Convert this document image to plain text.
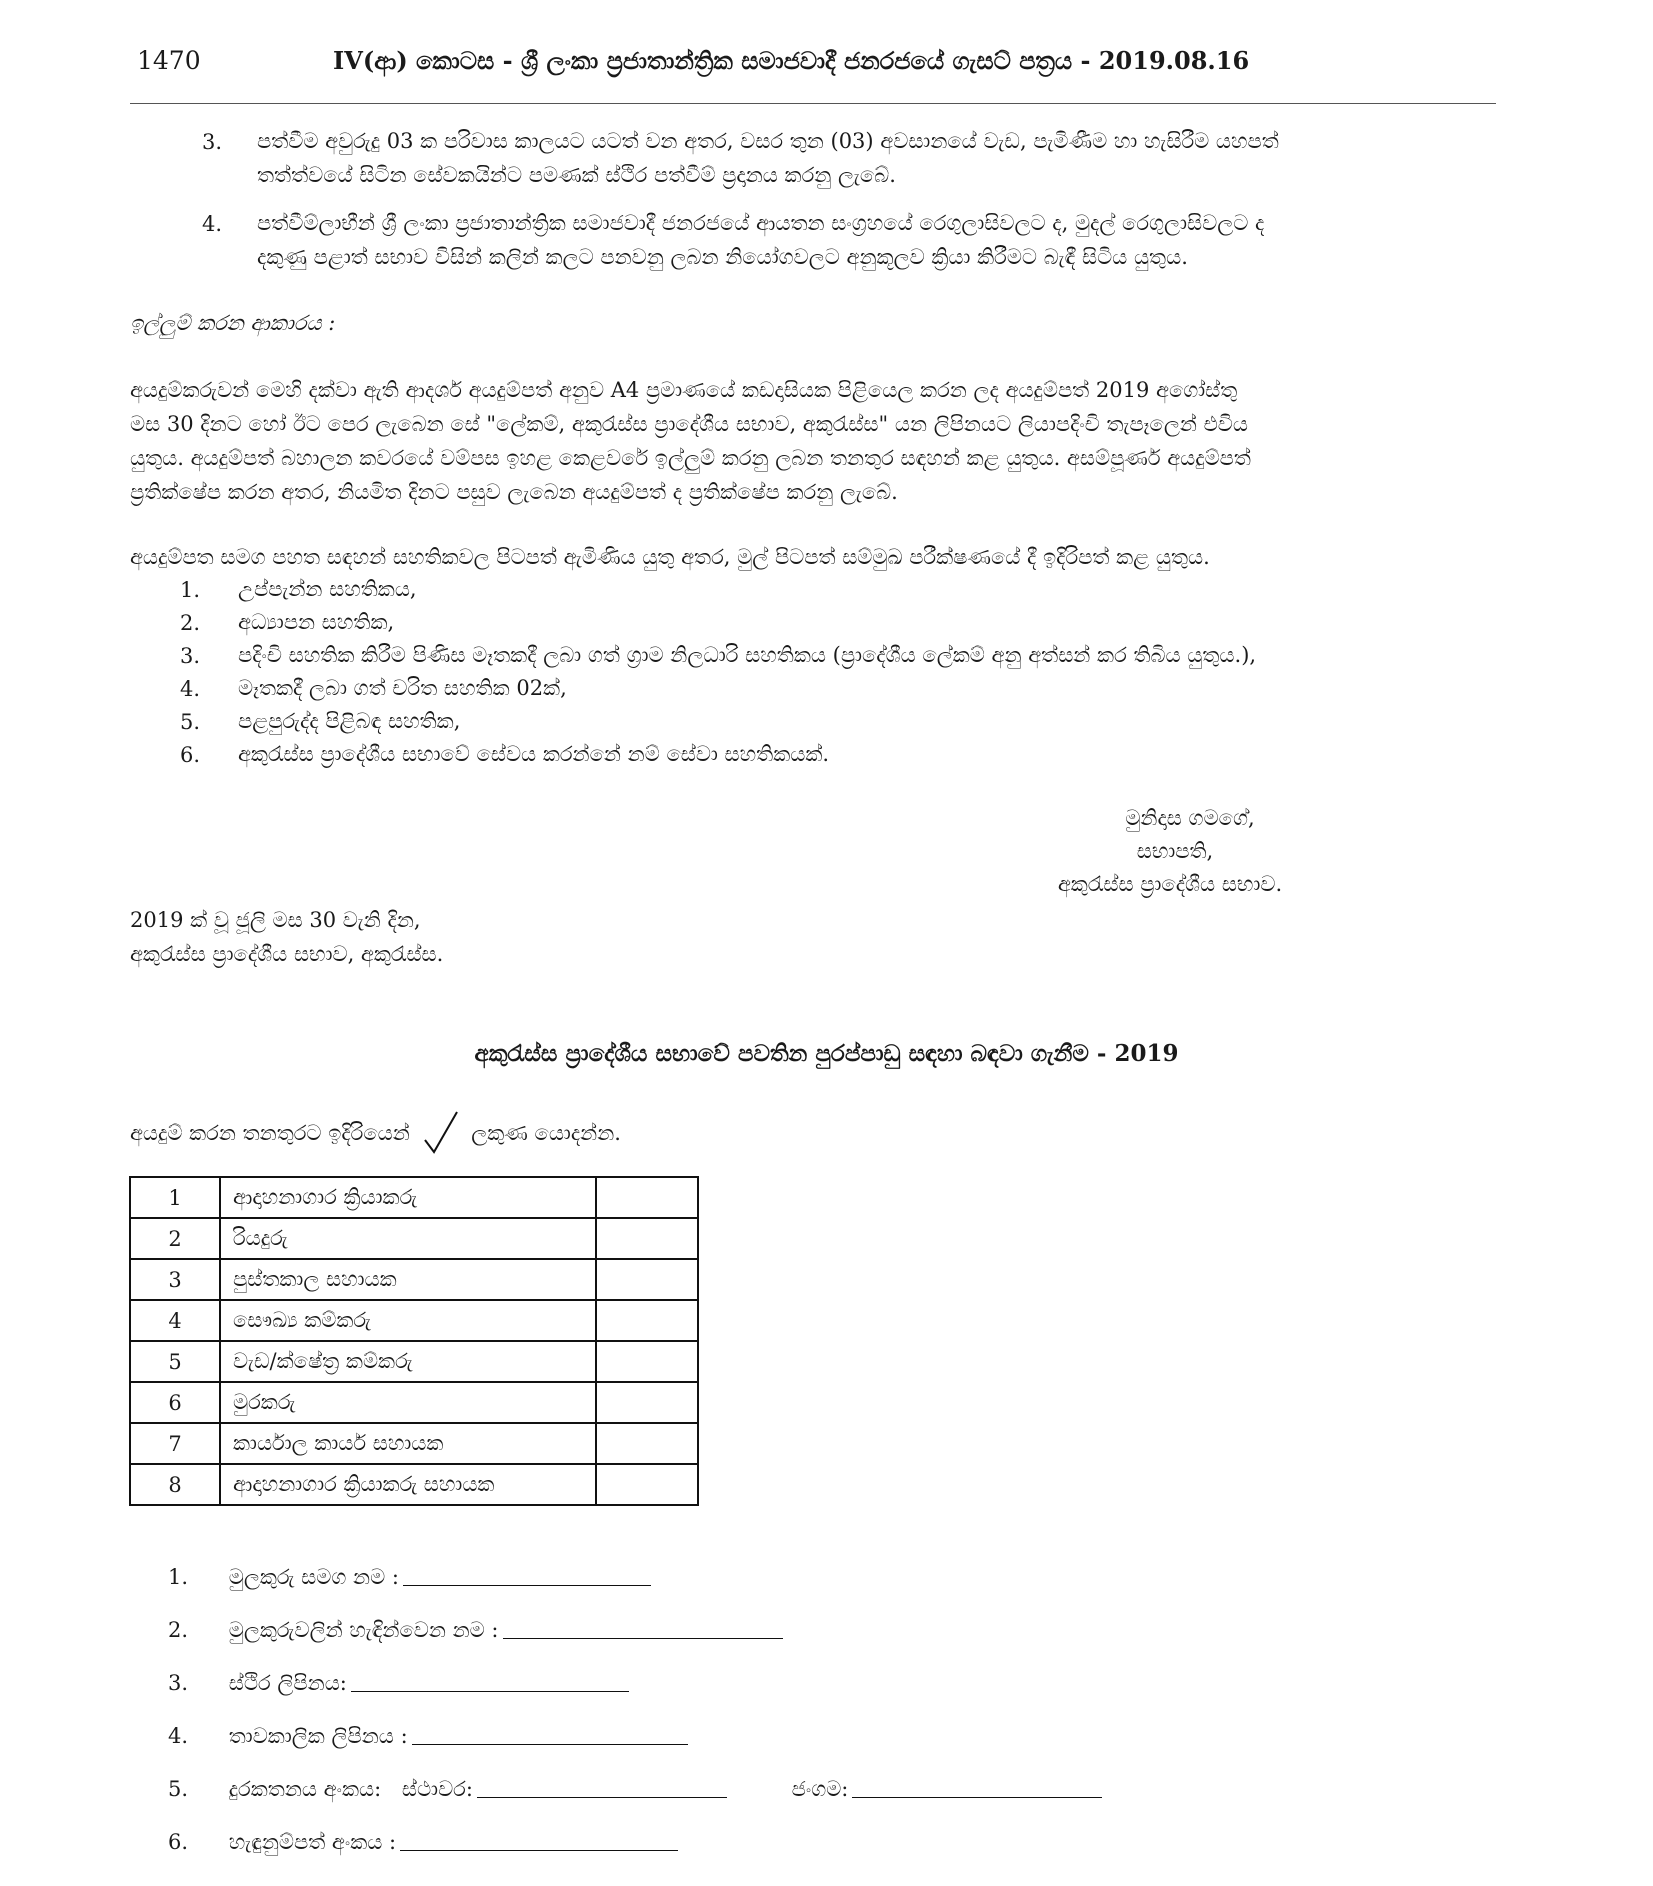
1470	IV(ආ) කොටස - ශ්‍රී ලංකා ප්‍රජාතාන්ත්‍රික සමාජවාදී ජනරජයේ ගැසට් පත්‍රය - 2019.08.16
3. පත්වීම අවුරුදු 03 ක පරිවාස කාලයට යටත් වන අතර, වසර තුන (03) අවසානයේ වැඩ, පැමිණීම හා හැසිරීම යහපත්
තත්ත්වයේ සිටින සේවකයින්ට පමණක් ස්ථිර පත්වීම් ප්‍රදානය කරනු ලැබේ.
4. පත්වීම්ලාභීන් ශ්‍රී ලංකා ප්‍රජාතාන්ත්‍රික සමාජවාදී ජනරජයේ ආයතන සංග්‍රහයේ රෙගුලාසිවලට ද, මුදල් රෙගුලාසිවලට ද
දකුණු පළාත් සභාව විසින් කලින් කලට පනවනු ලබන නියෝගවලට අනුකූලව ක්‍රියා කිරීමට බැඳී සිටිය යුතුය.
ඉල්ලුම් කරන ආකාරය :
අයදුම්කරුවන් මෙහි දක්වා ඇති ආදර්ශ අයදුම්පත් අනුව A4 ප්‍රමාණයේ කඩදාසියක පිළියෙල කරන ලද අයදුම්පත් 2019 අගෝස්තු
මස 30 දිනට හෝ ඊට පෙර ලැබෙන සේ "ලේකම්, අකුරැස්ස ප්‍රාදේශීය සභාව, අකුරැස්ස" යන ලිපිනයට ලියාපදිංචි තැපෑලෙන් එවිය
යුතුය. අයදුම්පත් බහාලන කවරයේ වම්පස ඉහළ කෙළවරේ ඉල්ලුම් කරනු ලබන තනතුර සඳහන් කළ යුතුය. අසම්පූර්ණ අයදුම්පත්
ප්‍රතික්ෂේප කරන අතර, නියමිත දිනට පසුව ලැබෙන අයදුම්පත් ද ප්‍රතික්ෂේප කරනු ලැබේ.
අයදුම්පත සමග පහත සඳහන් සහතිකවල පිටපත් ඇමිණිය යුතු අතර, මුල් පිටපත් සම්මුඛ පරීක්ෂණයේ දී ඉදිරිපත් කළ යුතුය.
1. උප්පැන්න සහතිකය,
2. අධ්‍යාපන සහතික,
3. පදිංචි සහතික කිරීම පිණිස මෑතකදී ලබා ගත් ග්‍රාම නිලධාරි සහතිකය (ප්‍රාදේශීය ලේකම් අනු අත්සන් කර තිබිය යුතුය.),
4. මෑතකදී ලබා ගත් චරිත සහතික 02ක්,
5. පළපුරුද්ද පිළිබඳ සහතික,
6. අකුරැස්ස ප්‍රාදේශීය සභාවේ සේවය කරන්නේ නම් සේවා සහතිකයක්.
මුනිදාස ගමගේ,
සභාපති,
අකුරැස්ස ප්‍රාදේශීය සභාව.
2019 ක් වූ ජූලි මස 30 වැනි දින,
අකුරැස්ස ප්‍රාදේශීය සභාව, අකුරැස්ස.
අකුරැස්ස ප්‍රාදේශීය සභාවේ පවතින පුරප්පාඩු සඳහා බඳවා ගැනීම - 2019
අයදුම් කරන තනතුරට ඉදිරියෙන්	ලකුණ යොදන්න.
1	ආදාහනාගාර ක්‍රියාකරු	
2	රියදුරු	
3	පුස්තකාල සහායක	
4	සෞඛ්‍ය කම්කරු	
5	වැඩ/ක්ෂේත්‍ර කම්කරු	
6	මුරකරු	
7	කාර්යාල කාර්ය සහායක	
8	ආදාහනාගාර ක්‍රියාකරු සහායක	
1. මුලකුරු සමග නම :
2. මුලකුරුවලින් හැඳින්වෙන නම :
3. ස්ථිර ලිපිනය:
4. තාවකාලික ලිපිනය :
5. දුරකතනය අංකය: ස්ථාවර:	ජංගම:
6. හැඳුනුම්පත් අංකය :
